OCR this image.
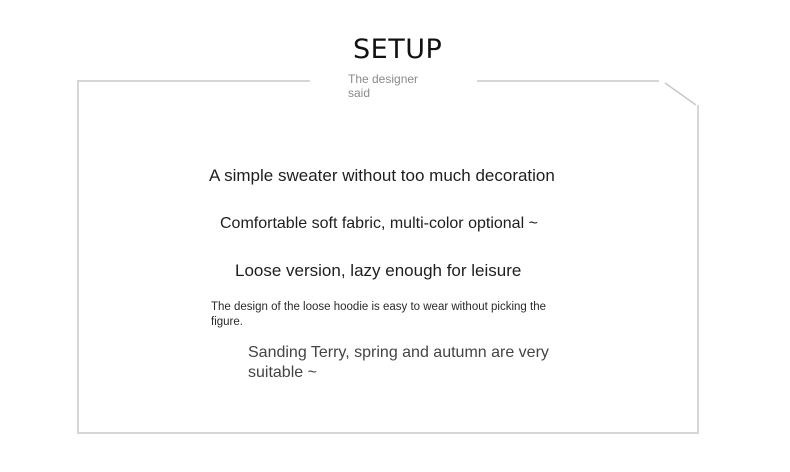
SETUP
The designer said
A simple sweater without too much decoration
Comfortable soft fabric, multi-color optional ~
Loose version, lazy enough for leisure
The design of the loose hoodie is easy to wear without picking the figure.
Sanding Terry, spring and autumn are very suitable ~
